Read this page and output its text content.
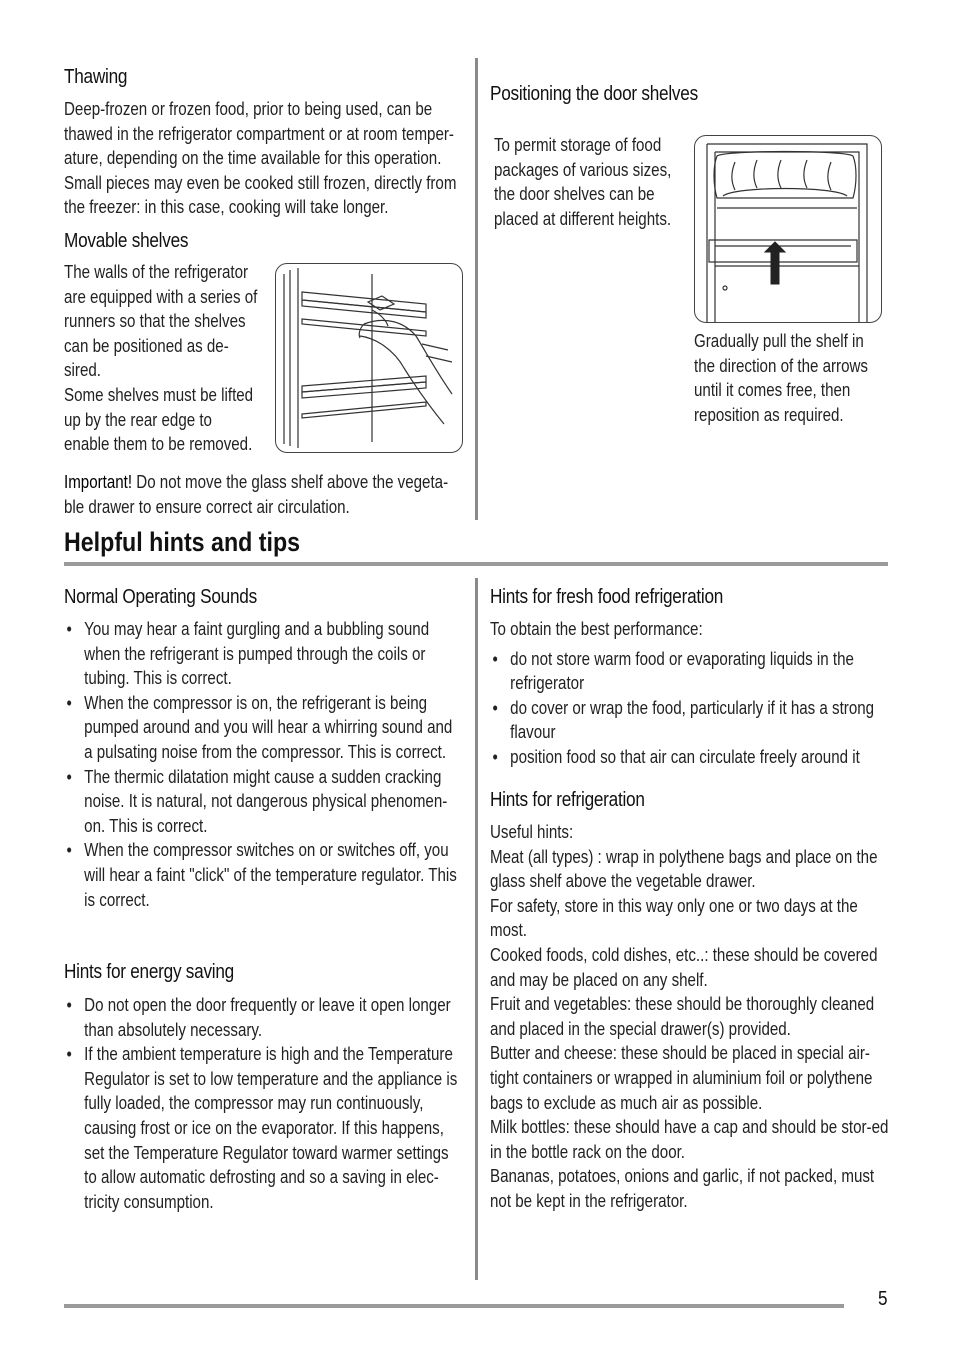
Thawing
Deep-frozen or frozen food, prior to being used, can be thawed in the refrigerator compartment or at room temper-ature, depending on the time available for this operation. Small pieces may even be cooked still frozen, directly from the freezer: in this case, cooking will take longer.
Movable shelves

The walls of the refrigerator are equipped with a series of runners so that the shelves can be positioned as de-sired.

Some shelves must be lifted up by the rear edge to enable them to be removed.

Important! Do not move the glass shelf above the vegeta-ble drawer to ensure correct air circulation.
Positioning the door shelves
To permit storage of food packages of various sizes, the door shelves can be placed at different heights.
Gradually pull the shelf in the direction of the arrows until it comes free, then reposition as required.
Helpful hints and tips
Normal Operating Sounds

• You may hear a faint gurgling and a bubbling sound when the refrigerant is pumped through the coils or tubing. This is correct.

• When the compressor is on, the refrigerant is being pumped around and you will hear a whirring sound and a pulsating noise from the compressor. This is correct.

• The thermic dilatation might cause a sudden cracking noise. It is natural, not dangerous physical phenomen-on. This is correct.

• When the compressor switches on or switches off, you will hear a faint "click" of the temperature regulator. This is correct.

Hints for energy saving

• Do not open the door frequently or leave it open longer than absolutely necessary.

• If the ambient temperature is high and the Temperature Regulator is set to low temperature and the appliance is fully loaded, the compressor may run continuously, causing frost or ice on the evaporator. If this happens, set the Temperature Regulator toward warmer settings to allow automatic defrosting and so a saving in elec-tricity consumption.

Hints for fresh food refrigeration

To obtain the best performance:

• do not store warm food or evaporating liquids in the refrigerator

• do cover or wrap the food, particularly if it has a strong flavour

• position food so that air can circulate freely around it

Hints for refrigeration

Useful hints:

Meat (all types) : wrap in polythene bags and place on the glass shelf above the vegetable drawer.

For safety, store in this way only one or two days at the most.

Cooked foods, cold dishes, etc..: these should be covered and may be placed on any shelf.

Fruit and vegetables: these should be thoroughly cleaned and placed in the special drawer(s) provided.

Butter and cheese: these should be placed in special air-tight containers or wrapped in aluminium foil or polythene bags to exclude as much air as possible.

Milk bottles: these should have a cap and should be stor-ed in the bottle rack on the door.

Bananas, potatoes, onions and garlic, if not packed, must not be kept in the refrigerator.

5
